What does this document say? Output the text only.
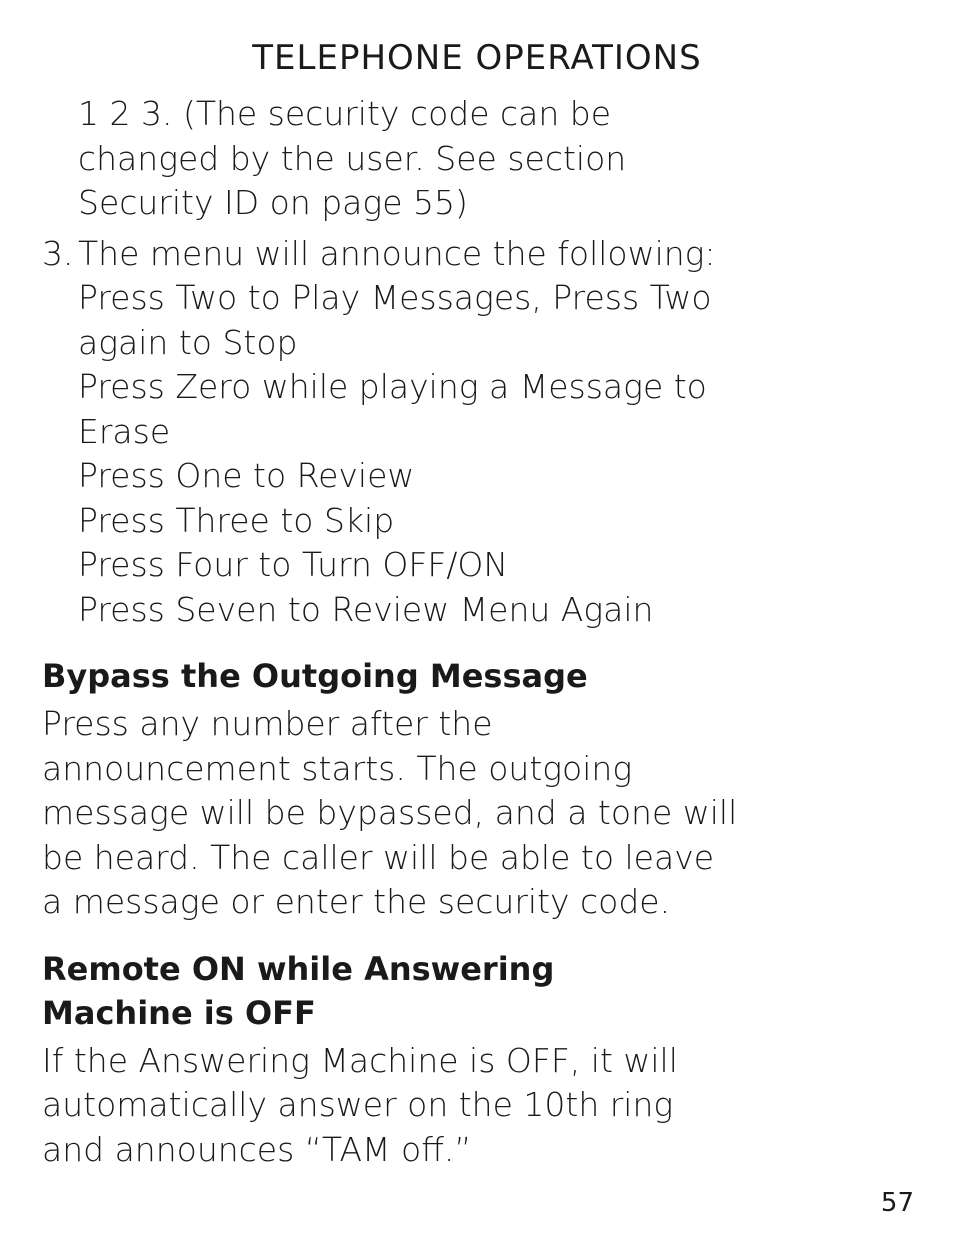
TELEPHONE OPERATIONS
1 2 3. (The security code can be
changed by the user. See section
Security ID on page 55)
3. The menu will announce the following:
Press Two to Play Messages, Press Two
again to Stop
Press Zero while playing a Message to
Erase
Press One to Review
Press Three to Skip
Press Four to Turn OFF/ON
Press Seven to Review Menu Again
Bypass the Outgoing Message
Press any number after the
announcement starts. The outgoing
message will be bypassed, and a tone will
be heard. The caller will be able to leave
a message or enter the security code.
Remote ON while Answering
Machine is OFF
If the Answering Machine is OFF, it will
automatically answer on the 10th ring
and announces “TAM off.”
57
